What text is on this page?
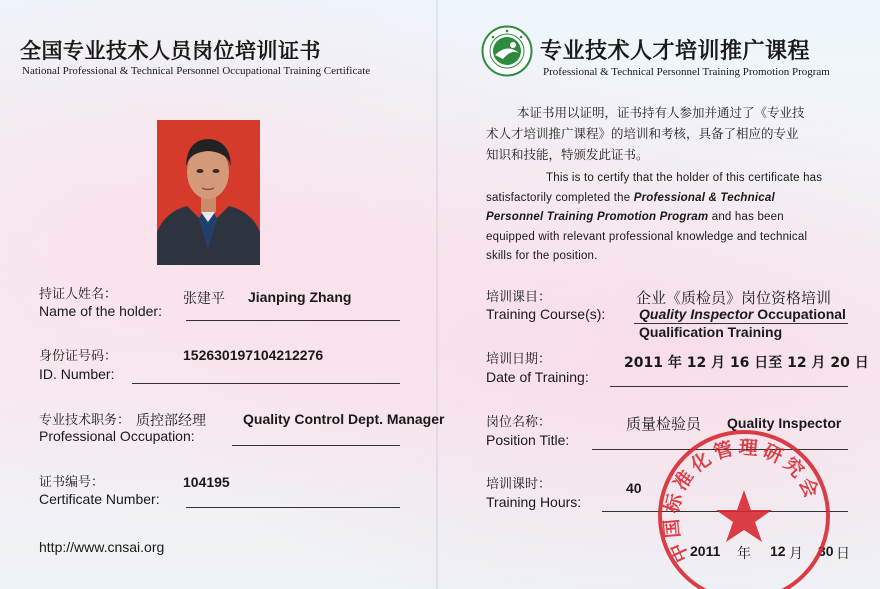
全国专业技术人员岗位培训证书
National Professional & Technical Personnel Occupational Training Certificate
持证人姓名：	张建平 Jianping Zhang
Name of the holder:
身份证号码：	152630197104212276
ID. Number:
专业技术职务： 质控部经理	Quality Control Dept. Manager
Professional Occupation:
证书编号：	104195
Certificate Number:
http://www.cnsai.org
专业技术人才培训推广课程
Professional & Technical Personnel Training Promotion Program
本证书用以证明，证书持有人参加并通过了《专业技
术人才培训推广课程》的培训和考核，具备了相应的专业
知识和技能，特颁发此证书。
This is to certify that the holder of this certificate has
satisfactorily completed the Professional & Technical
Personnel Training Promotion Program and has been
equipped with relevant professional knowledge and technical
skills for the position.
培训课目：	企业《质检员》岗位资格培训
Training Course(s): Quality Inspector Occupational
Qualification Training
培训日期：	2011 年 12 月 16 日至 12 月 20 日
Date of Training:
岗位名称：	质量检验员 Quality Inspector
Position Title:
培训课时：	40
Training Hours:
2011 年 12 月 30 日
中国标准化管理研究会
